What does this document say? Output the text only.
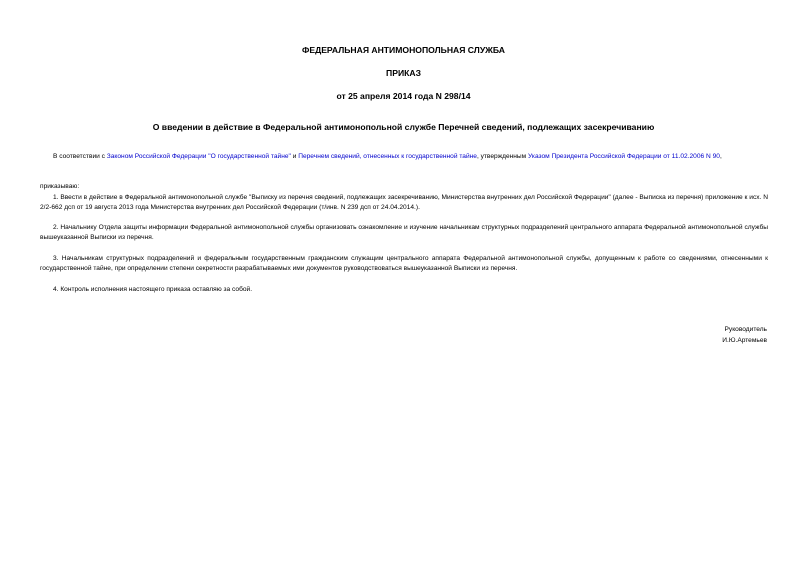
ФЕДЕРАЛЬНАЯ АНТИМОНОПОЛЬНАЯ СЛУЖБА
ПРИКАЗ
от 25 апреля 2014 года N 298/14
О введении в действие в Федеральной антимонопольной службе Перечней сведений, подлежащих засекречиванию
В соответствии с Законом Российской Федерации "О государственной тайне" и Перечнем сведений, отнесенных к государственной тайне, утвержденным Указом Президента Российской Федерации от 11.02.2006 N 90,
приказываю:
1. Ввести в действие в Федеральной антимонопольной службе "Выписку из перечня сведений, подлежащих засекречиванию, Министерства внутренних дел Российской Федерации" (далее - Выписка из перечня) приложение к исх. N 2/2-662 дсп от 19 августа 2013 года Министерства внутренних дел Российской Федерации (т/инв. N 239 дсп от 24.04.2014.).
2. Начальнику Отдела защиты информации Федеральной антимонопольной службы организовать ознакомление и изучение начальникам структурных подразделений центрального аппарата Федеральной антимонопольной службы вышеуказанной Выписки из перечня.
3. Начальникам структурных подразделений и федеральным государственным гражданским служащим центрального аппарата Федеральной антимонопольной службы, допущенным к работе со сведениями, отнесенными к государственной тайне, при определении степени секретности разрабатываемых ими документов руководствоваться вышеуказанной Выписки из перечня.
4. Контроль исполнения настоящего приказа оставляю за собой.
Руководитель
И.Ю.Артемьев
